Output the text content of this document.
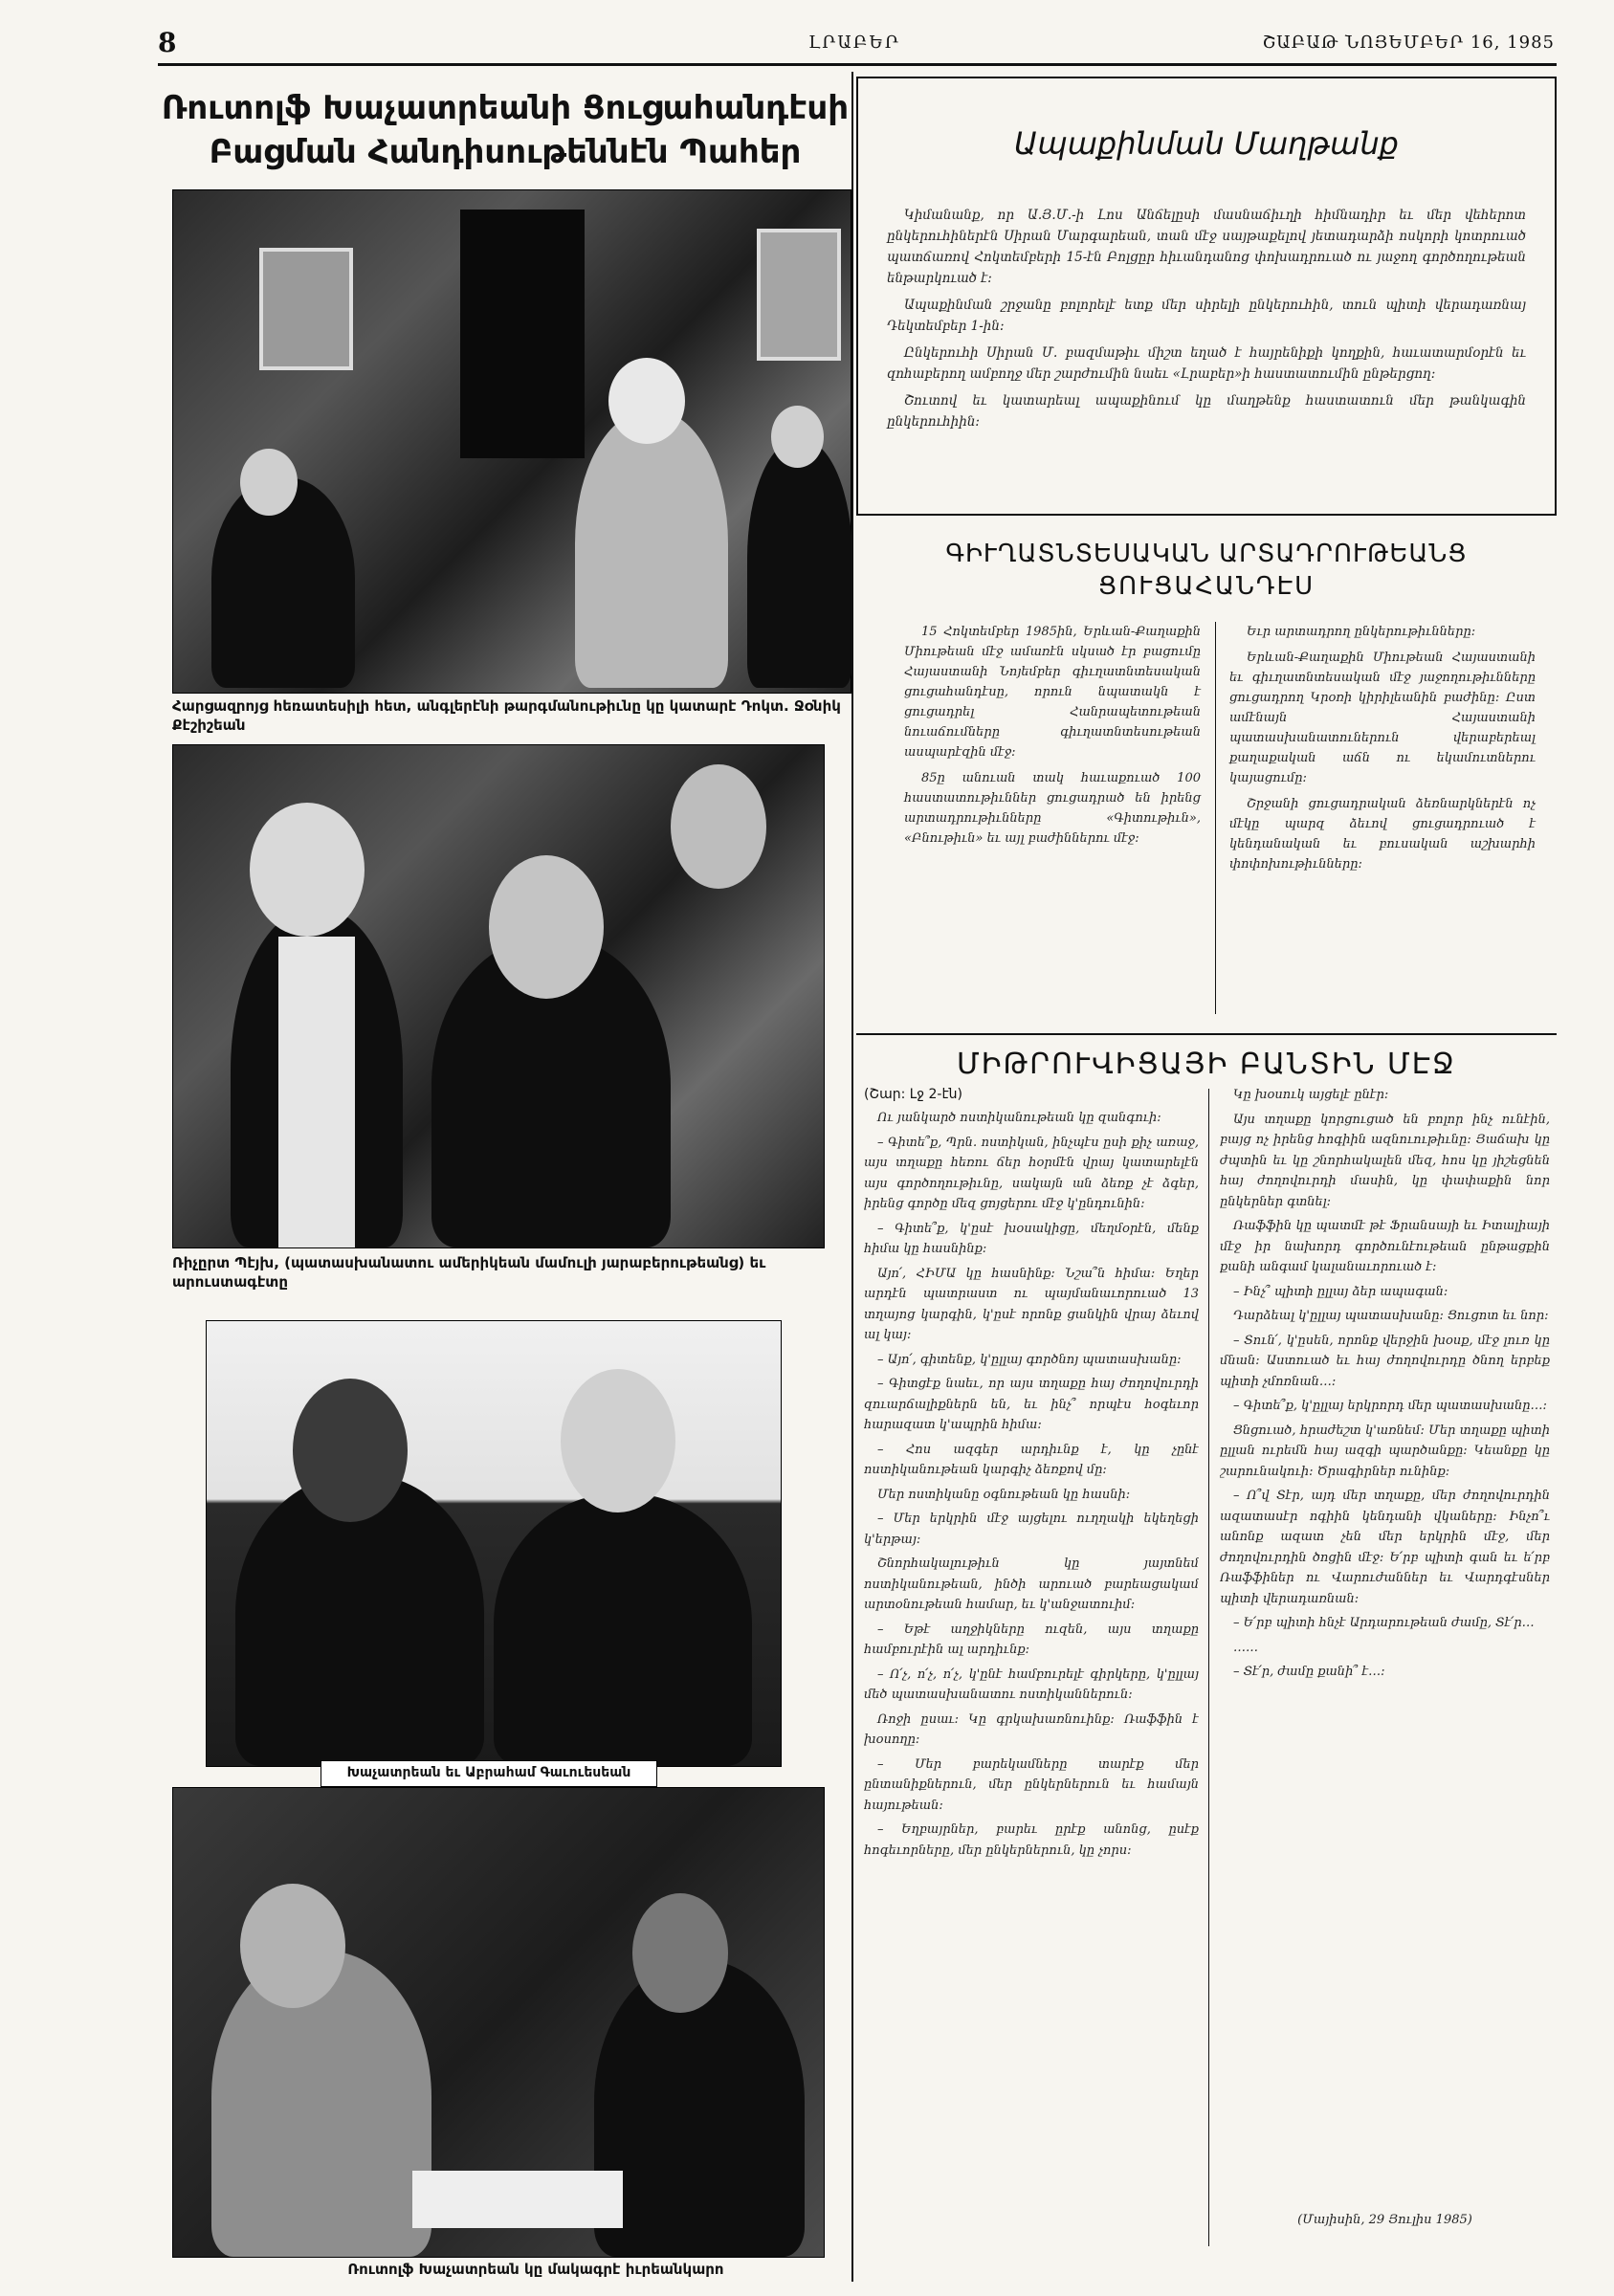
8	ԼՐԱԲԵՐ	ՇԱԲԱԹ ՆՈՅԵՄԲԵՐ 16, 1985
Ռուտոլֆ Խաչատրեանի Ցուցահանդէսի
Բացման Հանդիսութեննէն Պահեր
Հարցազրոյց հեռատեսիլի հետ, անգլերէնի թարգմանութիւնը կը կատարէ Դոկտ. Ջօնիկ Քէշիշեան
Ռիչըրտ Պէյխ, (պատասխանատու ամերիկեան մամուլի յարաբերութեանց) եւ արուստագէտը
Խաչատրեան եւ Աբրահամ Գաւուեսեան
Ռուտոլֆ Խաչատրեան կը մակագրէ իւրեանկարո
Ապաքինման Մաղթանք

Կիմանանք, որ Ա.Յ.Մ.-ի Լոս Անճելըսի մասնաճիւղի հիմնադիր եւ մեր վեհերոտ ընկերուհիներէն Սիրան Մարգարեան, տան մէջ սայթաքելով յետադարձի ոսկորի կոտրուած պատճառով Հոկտեմբերի 15-էն Բոլցըր հիւանդանոց փոխադրուած ու յաջող գործողութեան ենթարկուած է:

Ապաքինման շրջանը բոլորելէ ետք մեր սիրելի ընկերուհին, տուն պիտի վերադառնայ Դեկտեմբեր 1-ին:

Ընկերուհի Սիրան Մ. բազմաթիւ միշտ եղած է հայրենիքի կողքին, հաւատարմօրէն եւ զոհաբերող ամբողջ մեր շարժումին նաեւ «Լրաբեր»ի հաստատումին ընթերցող:

Շուտով եւ կատարեալ ապաքինում կը մաղթենք հաստատուն մեր թանկագին ընկերուհիին:

ԳԻՒՂԱՏՆՏԵՍԱԿԱՆ ԱՐՏԱԴՐՈՒԹԵԱՆՑ
ՑՈՒՑԱՀԱՆԴԷՍ

15 Հոկտեմբեր 1985ին, Երևան-Քաղաքին Միութեան մէջ ամառէն սկսած էր բացումը Հայաստանի Նոյեմբեր գիւղատնտեսական ցուցահանդէսը, որուն նպատակն է ցուցադրել Հանրապետութեան նուաճումները գիւղատնտեսութեան ասպարէզին մէջ։

85ը անուան տակ հաւաքուած 100 հաստատութիւններ ցուցադրած են իրենց արտադրութիւնները «Գիտութիւն», «Բնութիւն» եւ այլ բաժիններու մէջ։

Եւր արտադրող ընկերութիւնները։

Երևան-Քաղաքին Միութեան Հայաստանի եւ գիւղատնտեսական մէջ յաջողութիւնները ցուցադրող Կրօռի կիրիլեանին բաժինը։ Ըստ ամէնայն Հայաստանի պատասխանատուներուն վերաբերեալ քաղաքական աճն ու եկամուտներու կայացումը։

Շրջանի ցուցադրական ձեռնարկներէն ոչ մէկը պարզ ձեւով ցուցադրուած է կենդանական եւ բուսական աշխարհի փոփոխութիւնները։

ՄԻԹՐՈՒՎԻՑԱՅԻ ԲԱՆՏԻՆ ՄԷՋ
(Շար: Լջ 2-էն)

Ու յանկարծ ոստիկանութեան կը զանգուի։

– Գիտե՞ք, Պրն. ոստիկան, ինչպէս ըսի քիչ առաջ, այս տղաքը հեռու ճեր հօրմէն վրայ կատարելէն այս գործողութիւնը, սակայն ան ձեռք չէ ձգեր, իրենց գործը մեզ ցոյցերու մէջ կ'ընդունին։

– Գիտե՞ք, կ'ըսէ խօսակիցը, մեղմօրէն, մենք հիմա կը հասնինք։

Այո՛, ՀԻՄԱ կը հասնինք։ Նշա՞ն հիմա։ Եղեր արդէն պատրաստ ու պայմանաւորուած 13 տղայոց կարգին, կ'ըսէ որոնք ցանկին վրայ ձեւով ալ կայ։

– Այո՛, գիտենք, կ'ըլլայ գործնոյ պատասխանը։

– Գիտցէք նաեւ, որ այս տղաքը հայ ժողովուրդի զուարճալիքներն են, եւ ինչ՞ որպէս հօգեւոր հարազատ կ'ապրին հիմա։

– Հոս ազգեր արդիւնք է, կը չընէ ոստիկանութեան կարգիչ ձեռքով մը։

Մեր ոստիկանը օգնութեան կը հասնի։

– Մեր երկրին մէջ այցելու ուղղակի եկեղեցի կ'երթայ։

Շնորհակալութիւն կը յայտնեմ ոստիկանութեան, ինծի արուած բարեացակամ արտօնութեան համար, եւ կ'անջատուիմ։

– Եթէ աղջիկները ուզեն, այս տղաքը համբուրէին ալ արդիւնք։

– Ո՛չ, ո՛չ, ո՛չ, կ'ընէ համբուրելէ գիրկերը, կ'ըլլայ մեծ պատասխանատու ոստիկաններուն։

Ռոջի ըսաւ։ Կը գրկախառնուինք։ Ռաֆֆին է խօսողը։

– Մեր բարեկամները տարէք մեր ընտանիքներուն, մեր ընկերներուն եւ համայն հայութեան։

– Եղբայրներ, բարեւ ըրէք անոնց, ըսէք հոգեւորները, մեր ընկերներուն, կը չորս։

Կը խօսուկ այցելէ ընէր։

Այս տղաքը կորցուցած են բոլոր ինչ ունէին, բայց ոչ իրենց հոգիին ազնուութիւնը։ Յաճախ կը ժպտին եւ կը շնորհակալեն մեզ, հոս կը յիշեցնեն հայ ժողովուրդի մասին, կը փափաքին նոր ընկերներ գտնել։

Ռաֆֆին կը պատմէ թէ Ֆրանսայի եւ Իտալիայի մէջ իր նախորդ գործունէութեան ընթացքին քանի անգամ կալանաւորուած է։

– Ինչ՞ պիտի ըլլայ ձեր ապագան։

Դարձեալ կ'ըլլայ պատասխանը։ Ցուցոտ եւ նոր։

– Տուն՛, կ'ըսեն, որոնք վերջին խօսք, մէջ լուռ կը մնան։ Աստուած եւ հայ ժողովուրդը ծնող երբեք պիտի չմոռնան…։

– Գիտե՞ք, կ'ըլլայ երկրորդ մեր պատասխանը…։

Ցնցուած, հրաժեշտ կ'առնեմ։ Մեր տղաքը պիտի ըլլան ուրեմն հայ ազգի պարծանքը։ Կեանքը կը շարունակուի։ Ծրագիրներ ունինք։

– Ո՞վ Տէր, այդ մեր տղաքը, մեր ժողովուրդին ազատասէր ոգիին կենդանի վկաները։ Ինչո՞ւ անոնք ազատ չեն մեր երկրին մէջ, մեր ժողովուրդին ծոցին մէջ։ Ե՛րբ պիտի գան եւ ե՛րբ Ռաֆֆիներ ու Վարուժաններ եւ Վարդգէսներ պիտի վերադառնան։

– Ե՛րբ պիտի հնչէ Արդարութեան ժամը, Տէ՛ր…

……

– Տէ՛ր, ժամը քանի՞ է…։

(Մայիսին, 29 Յուլիս 1985)
